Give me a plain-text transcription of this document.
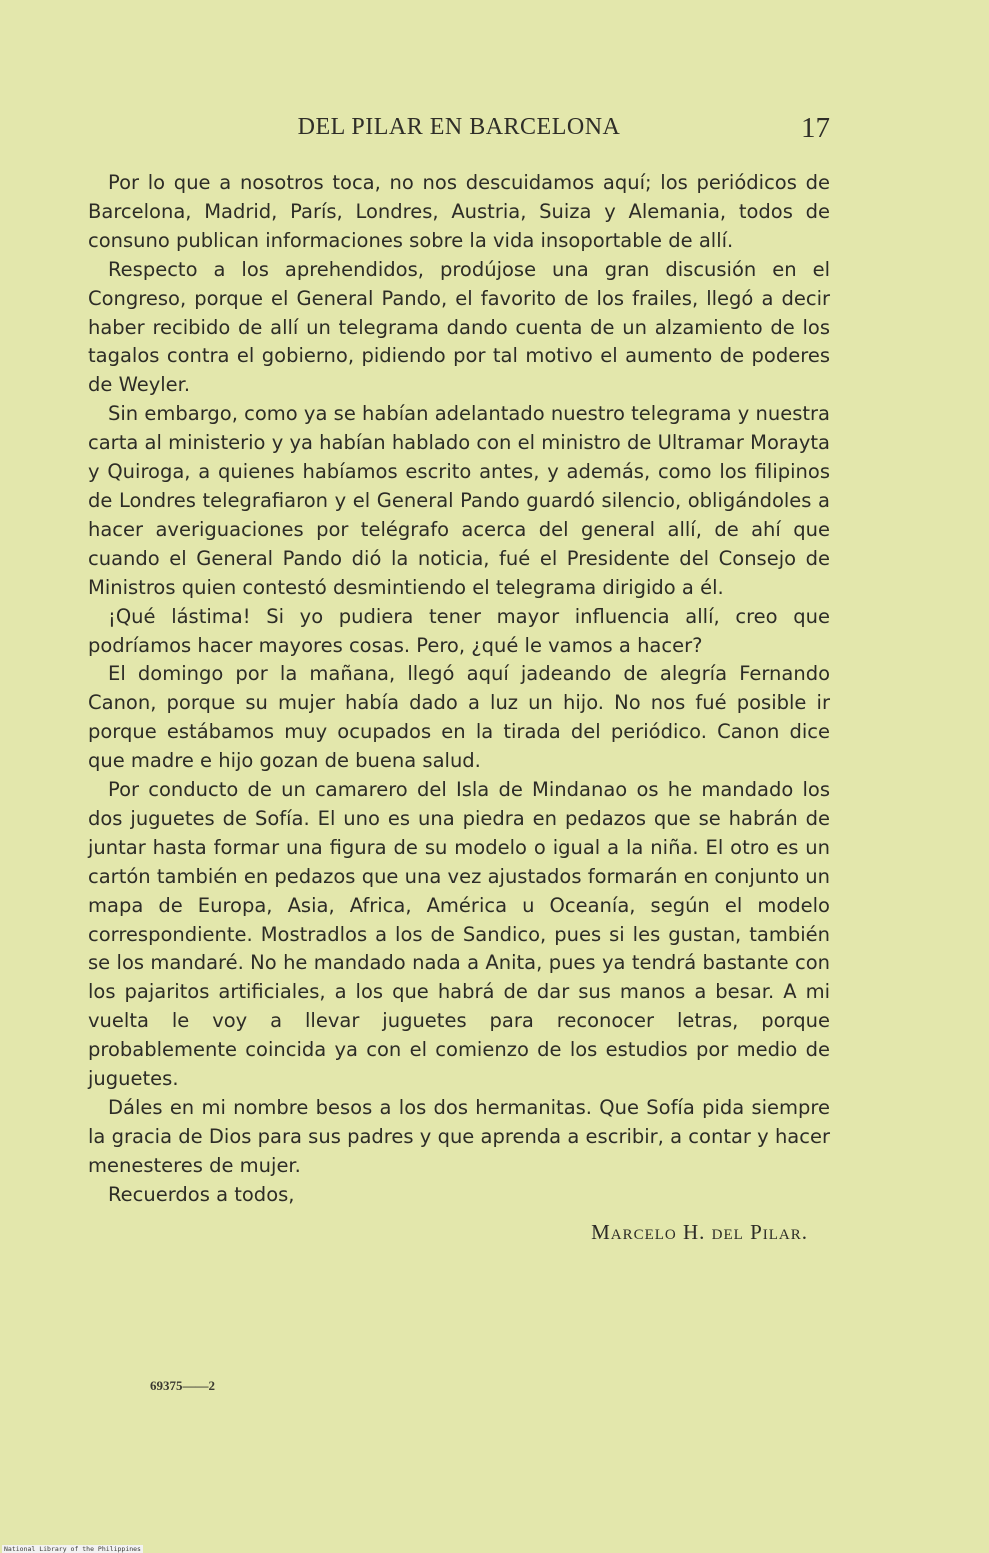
DEL PILAR EN BARCELONA	17

Por lo que a nosotros toca, no nos descuidamos aquí; los periódicos de Barcelona, Madrid, París, Londres, Austria, Suiza y Alemania, todos de consuno publican informaciones sobre la vida insoportable de allí.

Respecto a los aprehendidos, prodújose una gran discusión en el Congreso, porque el General Pando, el favorito de los frailes, llegó a decir haber recibido de allí un telegrama dando cuenta de un alzamiento de los tagalos contra el gobierno, pidiendo por tal motivo el aumento de poderes de Weyler.

Sin embargo, como ya se habían adelantado nuestro telegrama y nuestra carta al ministerio y ya habían hablado con el ministro de Ultramar Morayta y Quiroga, a quienes habíamos escrito antes, y además, como los filipinos de Londres telegrafiaron y el General Pando guardó silencio, obligándoles a hacer averiguaciones por telégrafo acerca del general allí, de ahí que cuando el General Pando dió la noticia, fué el Presidente del Consejo de Ministros quien contestó desmintiendo el telegrama dirigido a él.

¡Qué lástima! Si yo pudiera tener mayor influencia allí, creo que podríamos hacer mayores cosas. Pero, ¿qué le vamos a hacer?

El domingo por la mañana, llegó aquí jadeando de alegría Fernando Canon, porque su mujer había dado a luz un hijo. No nos fué posible ir porque estábamos muy ocupados en la tirada del periódico. Canon dice que madre e hijo gozan de buena salud.

Por conducto de un camarero del Isla de Mindanao os he mandado los dos juguetes de Sofía. El uno es una piedra en pedazos que se habrán de juntar hasta formar una figura de su modelo o igual a la niña. El otro es un cartón también en pedazos que una vez ajustados formarán en conjunto un mapa de Europa, Asia, Africa, América u Oceanía, según el modelo correspondiente. Mostradlos a los de Sandico, pues si les gustan, también se los mandaré. No he mandado nada a Anita, pues ya tendrá bastante con los pajaritos artificiales, a los que habrá de dar sus manos a besar. A mi vuelta le voy a llevar juguetes para reconocer letras, porque probablemente coincida ya con el comienzo de los estudios por medio de juguetes.

Dáles en mi nombre besos a los dos hermanitas. Que Sofía pida siempre la gracia de Dios para sus padres y que aprenda a escribir, a contar y hacer menesteres de mujer.

Recuerdos a todos,

Marcelo H. del Pilar.
69375——2
National Library of the Philippines
